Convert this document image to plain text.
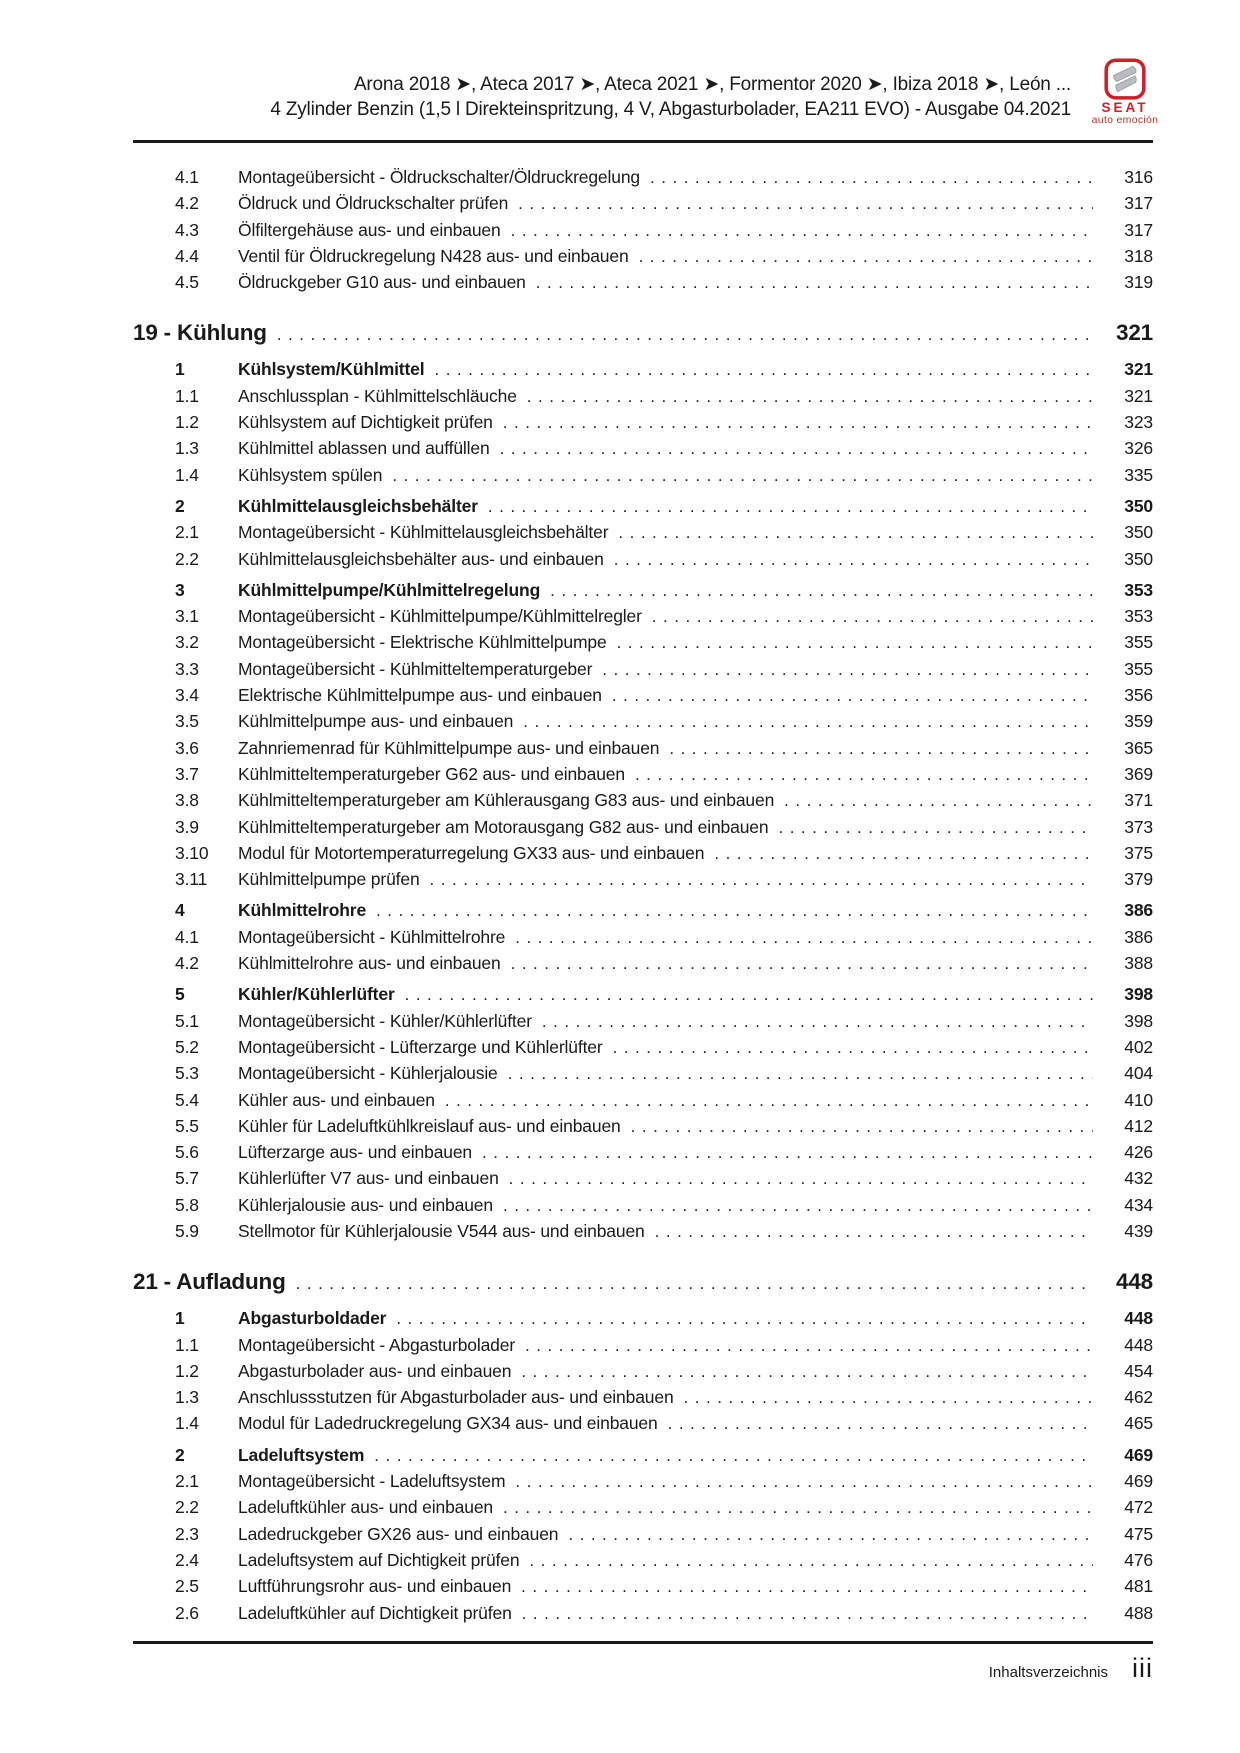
Arona 2018 ➤, Ateca 2017 ➤, Ateca 2021 ➤, Formentor 2020 ➤, Ibiza 2018 ➤, León ...
4 Zylinder Benzin (1,5 l Direkteinspritzung, 4 V, Abgasturbolader, EA211 EVO) - Ausgabe 04.2021	SEAT
auto emoción
4.1	Montageübersicht - Öldruckschalter/Öldruckregelung .....	316
4.2	Öldruck und Öldruckschalter prüfen .....	317
4.3	Ölfiltergehäuse aus- und einbauen .....	317
4.4	Ventil für Öldruckregelung N428 aus- und einbauen .....	318
4.5	Öldruckgeber G10 aus- und einbauen .....	319
19 - Kühlung .....	321
1	Kühlsystem/Kühlmittel .....	321
1.1	Anschlussplan - Kühlmittelschläuche .....	321
1.2	Kühlsystem auf Dichtigkeit prüfen .....	323
1.3	Kühlmittel ablassen und auffüllen .....	326
1.4	Kühlsystem spülen .....	335
2	Kühlmittelausgleichsbehälter .....	350
2.1	Montageübersicht - Kühlmittelausgleichsbehälter .....	350
2.2	Kühlmittelausgleichsbehälter aus- und einbauen .....	350
3	Kühlmittelpumpe/Kühlmittelregelung .....	353
3.1	Montageübersicht - Kühlmittelpumpe/Kühlmittelregler .....	353
3.2	Montageübersicht - Elektrische Kühlmittelpumpe .....	355
3.3	Montageübersicht - Kühlmitteltemperaturgeber .....	355
3.4	Elektrische Kühlmittelpumpe aus- und einbauen .....	356
3.5	Kühlmittelpumpe aus- und einbauen .....	359
3.6	Zahnriemenrad für Kühlmittelpumpe aus- und einbauen .....	365
3.7	Kühlmitteltemperaturgeber G62 aus- und einbauen .....	369
3.8	Kühlmitteltemperaturgeber am Kühlerausgang G83 aus- und einbauen .....	371
3.9	Kühlmitteltemperaturgeber am Motorausgang G82 aus- und einbauen .....	373
3.10	Modul für Motortemperaturregelung GX33 aus- und einbauen .....	375
3.11	Kühlmittelpumpe prüfen .....	379
4	Kühlmittelrohre .....	386
4.1	Montageübersicht - Kühlmittelrohre .....	386
4.2	Kühlmittelrohre aus- und einbauen .....	388
5	Kühler/Kühlerlüfter .....	398
5.1	Montageübersicht - Kühler/Kühlerlüfter .....	398
5.2	Montageübersicht - Lüfterzarge und Kühlerlüfter .....	402
5.3	Montageübersicht - Kühlerjalousie .....	404
5.4	Kühler aus- und einbauen .....	410
5.5	Kühler für Ladeluftkühlkreislauf aus- und einbauen .....	412
5.6	Lüfterzarge aus- und einbauen .....	426
5.7	Kühlerlüfter V7 aus- und einbauen .....	432
5.8	Kühlerjalousie aus- und einbauen .....	434
5.9	Stellmotor für Kühlerjalousie V544 aus- und einbauen .....	439
21 - Aufladung .....	448
1	Abgasturboldader .....	448
1.1	Montageübersicht - Abgasturbolader .....	448
1.2	Abgasturbolader aus- und einbauen .....	454
1.3	Anschlussstutzen für Abgasturbolader aus- und einbauen .....	462
1.4	Modul für Ladedruckregelung GX34 aus- und einbauen .....	465
2	Ladeluftsystem .....	469
2.1	Montageübersicht - Ladeluftsystem .....	469
2.2	Ladeluftkühler aus- und einbauen .....	472
2.3	Ladedruckgeber GX26 aus- und einbauen .....	475
2.4	Ladeluftsystem auf Dichtigkeit prüfen .....	476
2.5	Luftführungsrohr aus- und einbauen .....	481
2.6	Ladeluftkühler auf Dichtigkeit prüfen .....	488
Inhaltsverzeichnis iii
